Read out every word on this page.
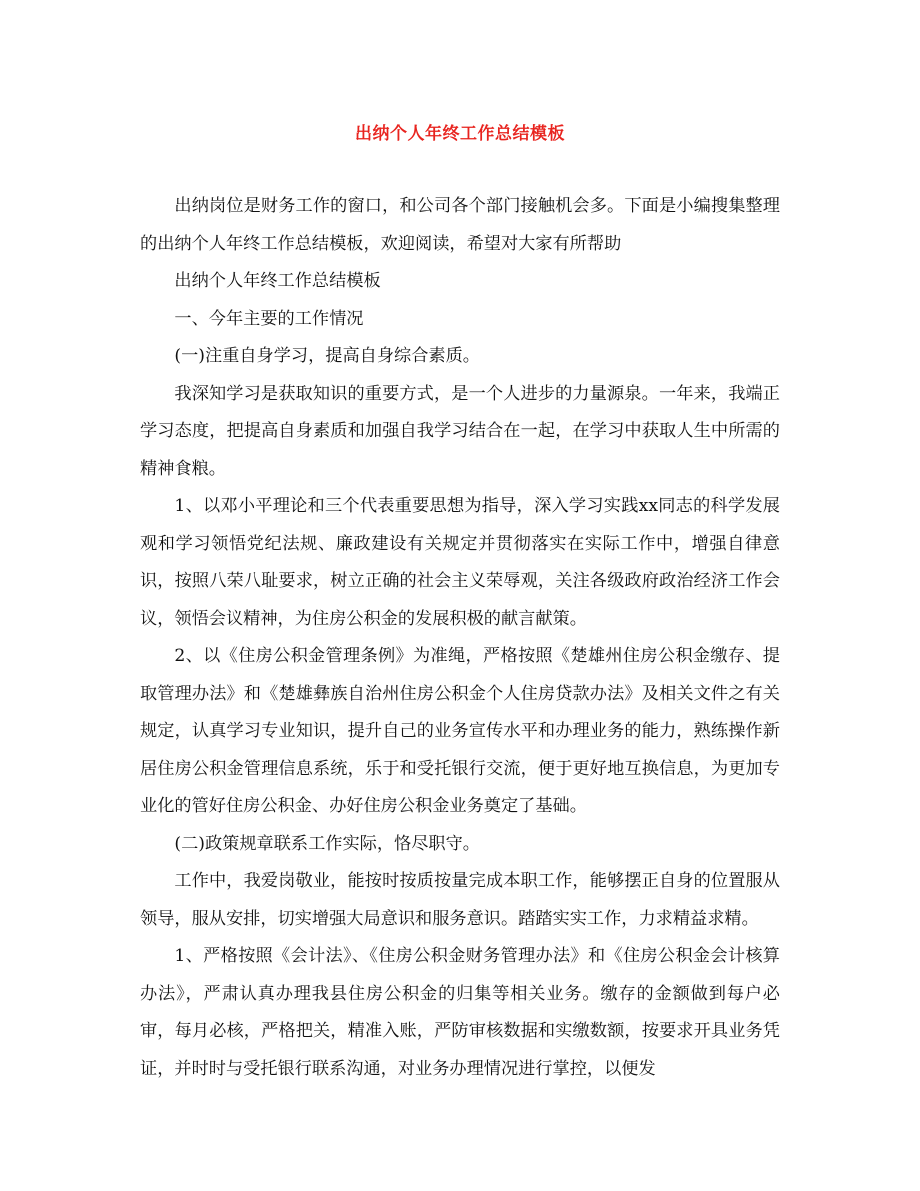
出纳个人年终工作总结模板

出纳岗位是财务工作的窗口，和公司各个部门接触机会多。下面是小编搜集整理的出纳个人年终工作总结模板，欢迎阅读，希望对大家有所帮助

出纳个人年终工作总结模板

一、今年主要的工作情况

(一)注重自身学习，提高自身综合素质。

我深知学习是获取知识的重要方式，是一个人进步的力量源泉。一年来，我端正学习态度，把提高自身素质和加强自我学习结合在一起，在学习中获取人生中所需的精神食粮。

1、以邓小平理论和三个代表重要思想为指导，深入学习实践xx同志的科学发展观和学习领悟党纪法规、廉政建设有关规定并贯彻落实在实际工作中，增强自律意识，按照八荣八耻要求，树立正确的社会主义荣辱观，关注各级政府政治经济工作会议，领悟会议精神，为住房公积金的发展积极的献言献策。

2、以《住房公积金管理条例》为准绳，严格按照《楚雄州住房公积金缴存、提取管理办法》和《楚雄彝族自治州住房公积金个人住房贷款办法》及相关文件之有关规定，认真学习专业知识，提升自己的业务宣传水平和办理业务的能力，熟练操作新居住房公积金管理信息系统，乐于和受托银行交流，便于更好地互换信息，为更加专业化的管好住房公积金、办好住房公积金业务奠定了基础。

(二)政策规章联系工作实际，恪尽职守。

工作中，我爱岗敬业，能按时按质按量完成本职工作，能够摆正自身的位置服从领导，服从安排，切实增强大局意识和服务意识。踏踏实实工作，力求精益求精。

1、严格按照《会计法》、《住房公积金财务管理办法》和《住房公积金会计核算办法》，严肃认真办理我县住房公积金的归集等相关业务。缴存的金额做到每户必审，每月必核，严格把关，精准入账，严防审核数据和实缴数额，按要求开具业务凭证，并时时与受托银行联系沟通，对业务办理情况进行掌控，以便发
